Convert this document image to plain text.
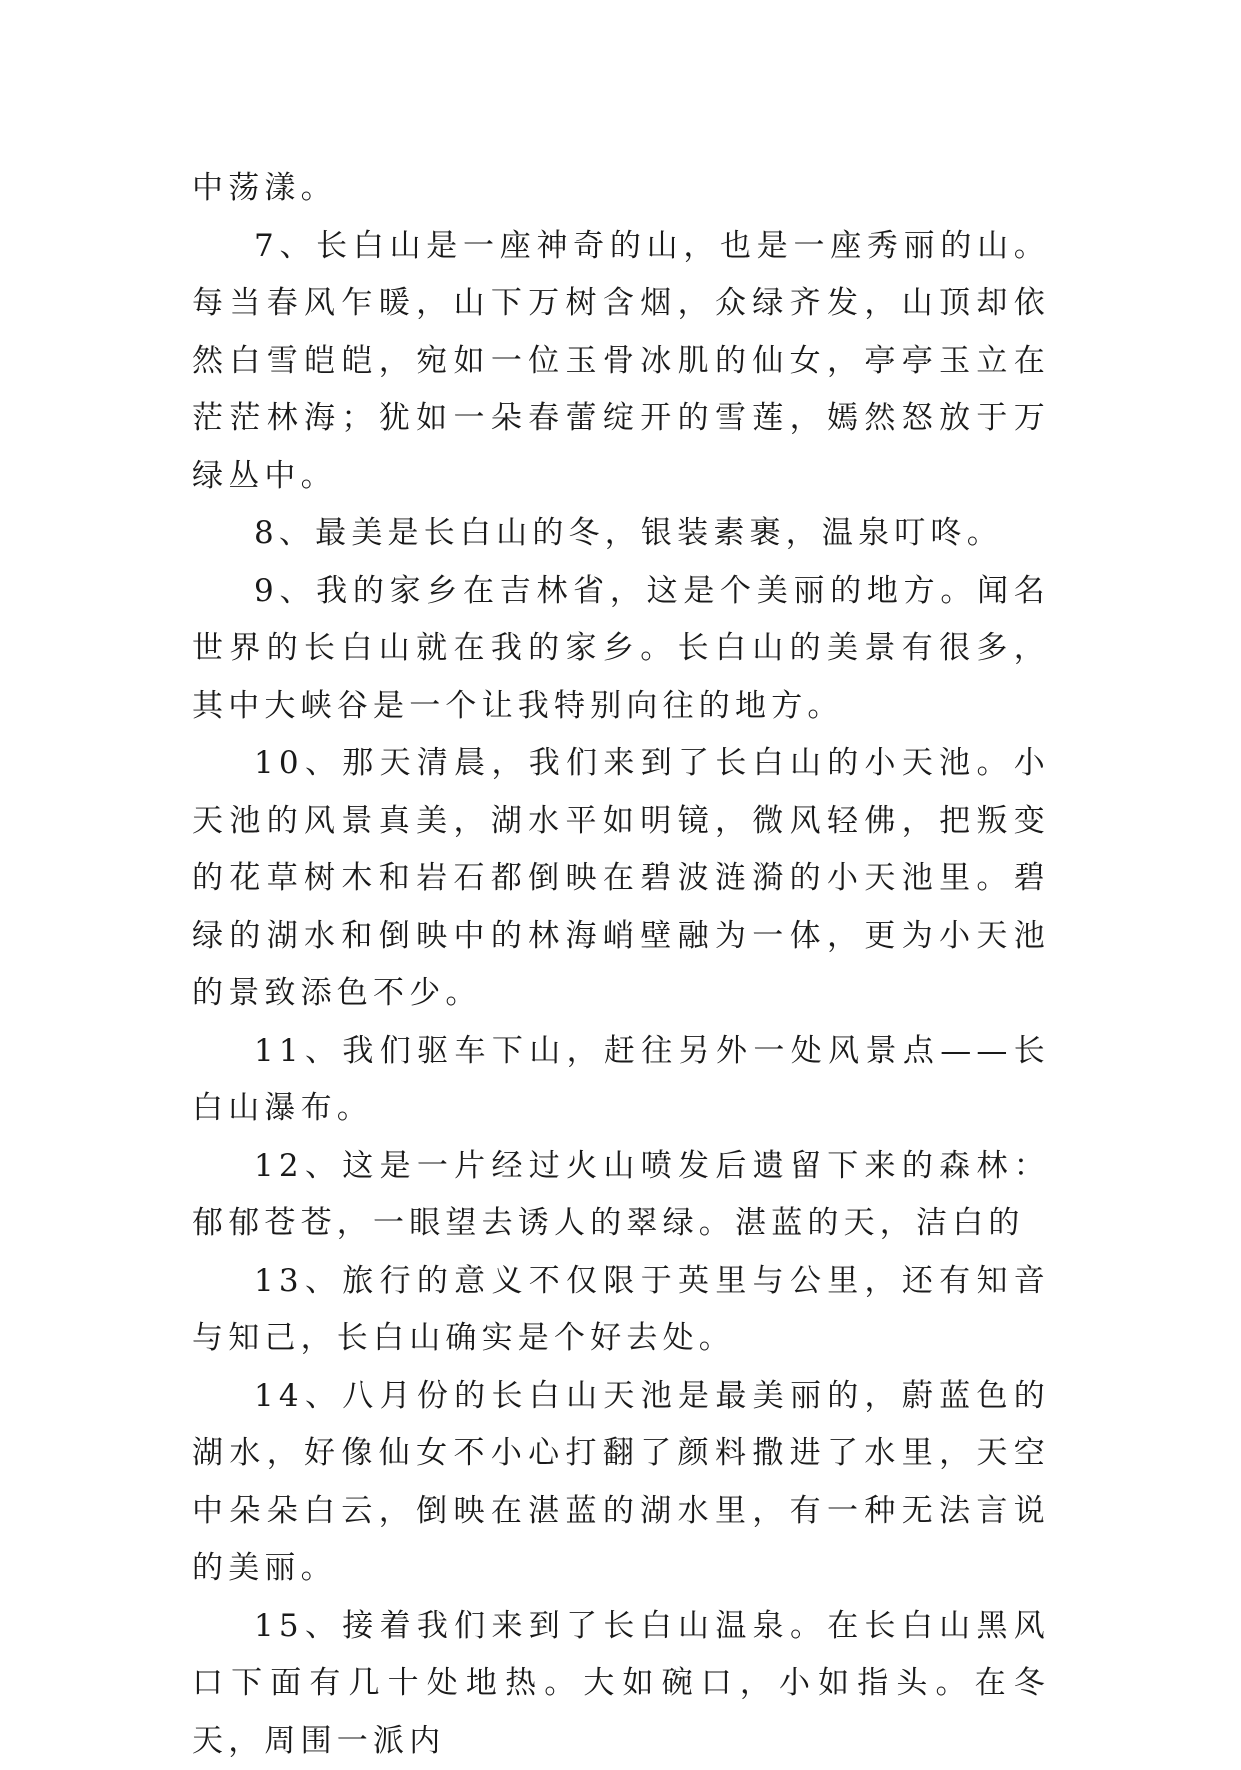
中荡漾。

7、长白山是一座神奇的山，也是一座秀丽的山。每当春风乍暖，山下万树含烟，众绿齐发，山顶却依然白雪皑皑，宛如一位玉骨冰肌的仙女，亭亭玉立在茫茫林海；犹如一朵春蕾绽开的雪莲，嫣然怒放于万绿丛中。

8、最美是长白山的冬，银装素裹，温泉叮咚。

9、我的家乡在吉林省，这是个美丽的地方。闻名世界的长白山就在我的家乡。长白山的美景有很多，其中大峡谷是一个让我特别向往的地方。

10、那天清晨，我们来到了长白山的小天池。小天池的风景真美，湖水平如明镜，微风轻佛，把叛变的花草树木和岩石都倒映在碧波涟漪的小天池里。碧绿的湖水和倒映中的林海峭壁融为一体，更为小天池的景致添色不少。

11、我们驱车下山，赶往另外一处风景点——长白山瀑布。

12、这是一片经过火山喷发后遗留下来的森林：郁郁苍苍，一眼望去诱人的翠绿。湛蓝的天，洁白的

13、旅行的意义不仅限于英里与公里，还有知音与知己，长白山确实是个好去处。

14、八月份的长白山天池是最美丽的，蔚蓝色的湖水，好像仙女不小心打翻了颜料撒进了水里，天空中朵朵白云，倒映在湛蓝的湖水里，有一种无法言说的美丽。

15、接着我们来到了长白山温泉。在长白山黑风口下面有几十处地热。大如碗口，小如指头。在冬天，周围一派内
